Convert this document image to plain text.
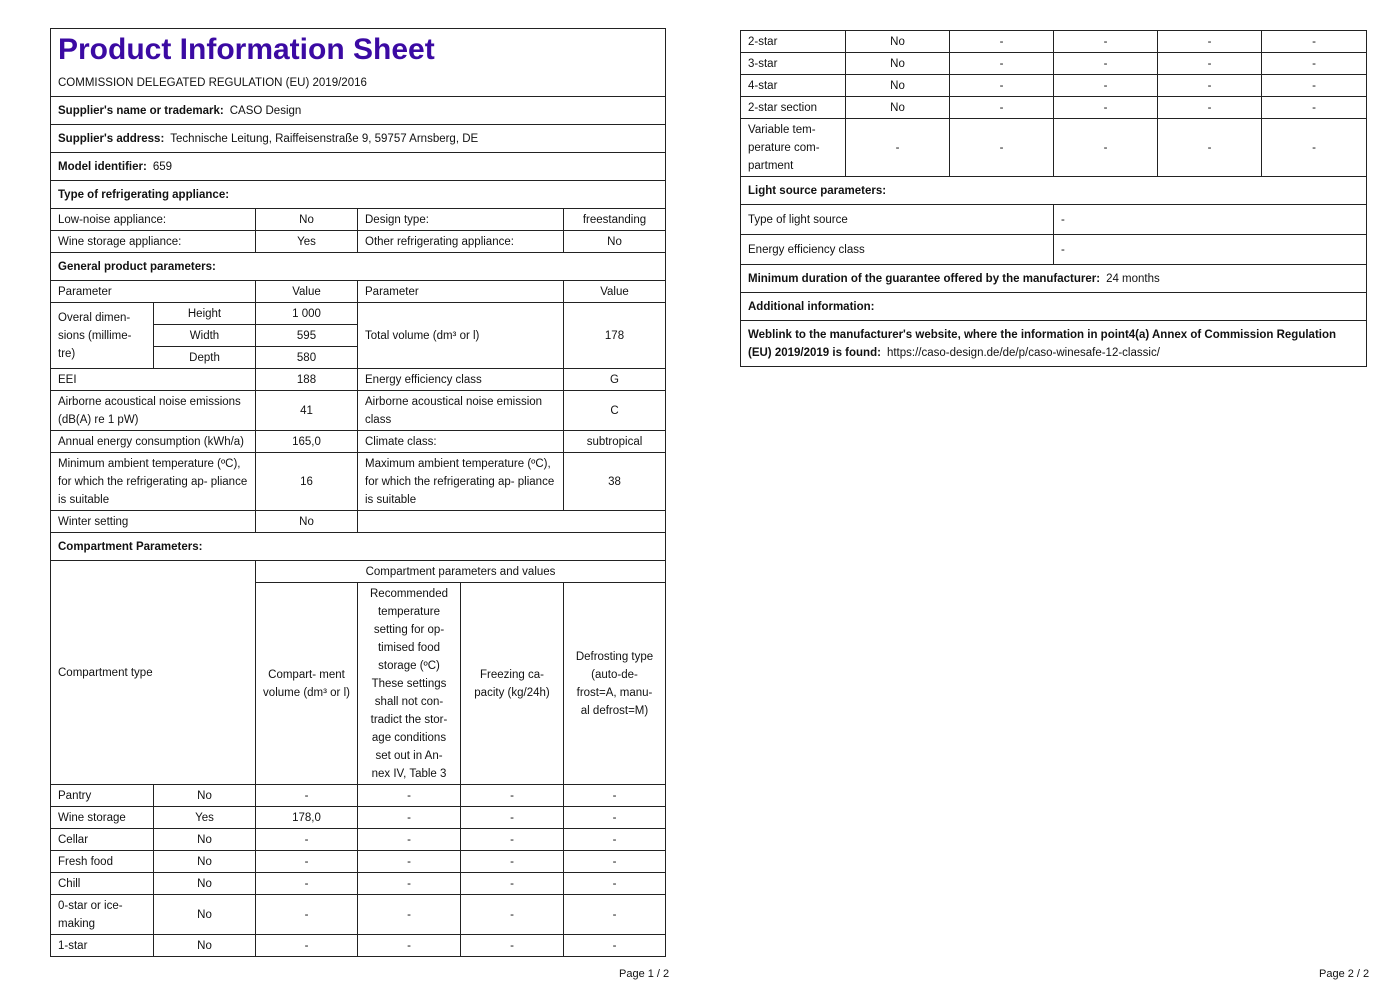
Product Information Sheet
COMMISSION DELEGATED REGULATION (EU) 2019/2016					

Supplier's name or trademark: CASO Design					
Supplier's address: Technische Leitung, Raiffeisenstraße 9, 59757 Arnsberg, DE					
Model identifier: 659					
Type of refrigerating appliance:					
Low-noise appliance:		No	Design type:		freestanding
Wine storage appliance:		Yes	Other refrigerating appliance:		No
General product parameters:					
Parameter		Value	Parameter		Value
Overal dimen- sions (millime- tre)	Height	1 000	Total volume (dm³ or l)		178
	Width	595			
	Depth	580			
EEI		188	Energy efficiency class		G
Airborne acoustical noise emissions (dB(A) re 1 pW)		41	Airborne acoustical noise emission class		C
Annual energy consumption (kWh/a)		165,0	Climate class:		subtropical
Minimum ambient temperature (ºC), for which the refrigerating ap- pliance is suitable		16	Maximum ambient temperature (ºC), for which the refrigerating ap- pliance is suitable		38
Winter setting		No			
Compartment Parameters:					
Compartment type		Compartment parameters and values			
		Compart- ment volume (dm³ or l)	Recommended temperature setting for op- timised food storage (ºC) These settings shall not con- tradict the stor- age conditions set out in An- nex IV, Table 3	Freezing ca- pacity (kg/24h)	Defrosting type (auto-de- frost=A, manu- al defrost=M)
Pantry	No	-	-	-	-
Wine storage	Yes	178,0	-	-	-
Cellar	No	-	-	-	-
Fresh food	No	-	-	-	-
Chill	No	-	-	-	-
0-star or ice- making	No	-	-	-	-
1-star	No	-	-	-	-
Page 1 / 2
2-star	No	-	-	-	-
3-star	No	-	-	-	-
4-star	No	-	-	-	-
2-star section	No	-	-	-	-
Variable tem- perature com- partment	-	-	-	-	-
Light source parameters:					
Type of light source			-		
Energy efficiency class			-		
Minimum duration of the guarantee offered by the manufacturer: 24 months					
Additional information:					
Weblink to the manufacturer's website, where the information in point4(a) Annex of Commission Regulation (EU) 2019/2019 is found: https://caso-design.de/de/p/caso-winesafe-12-classic/					
Page 2 / 2
